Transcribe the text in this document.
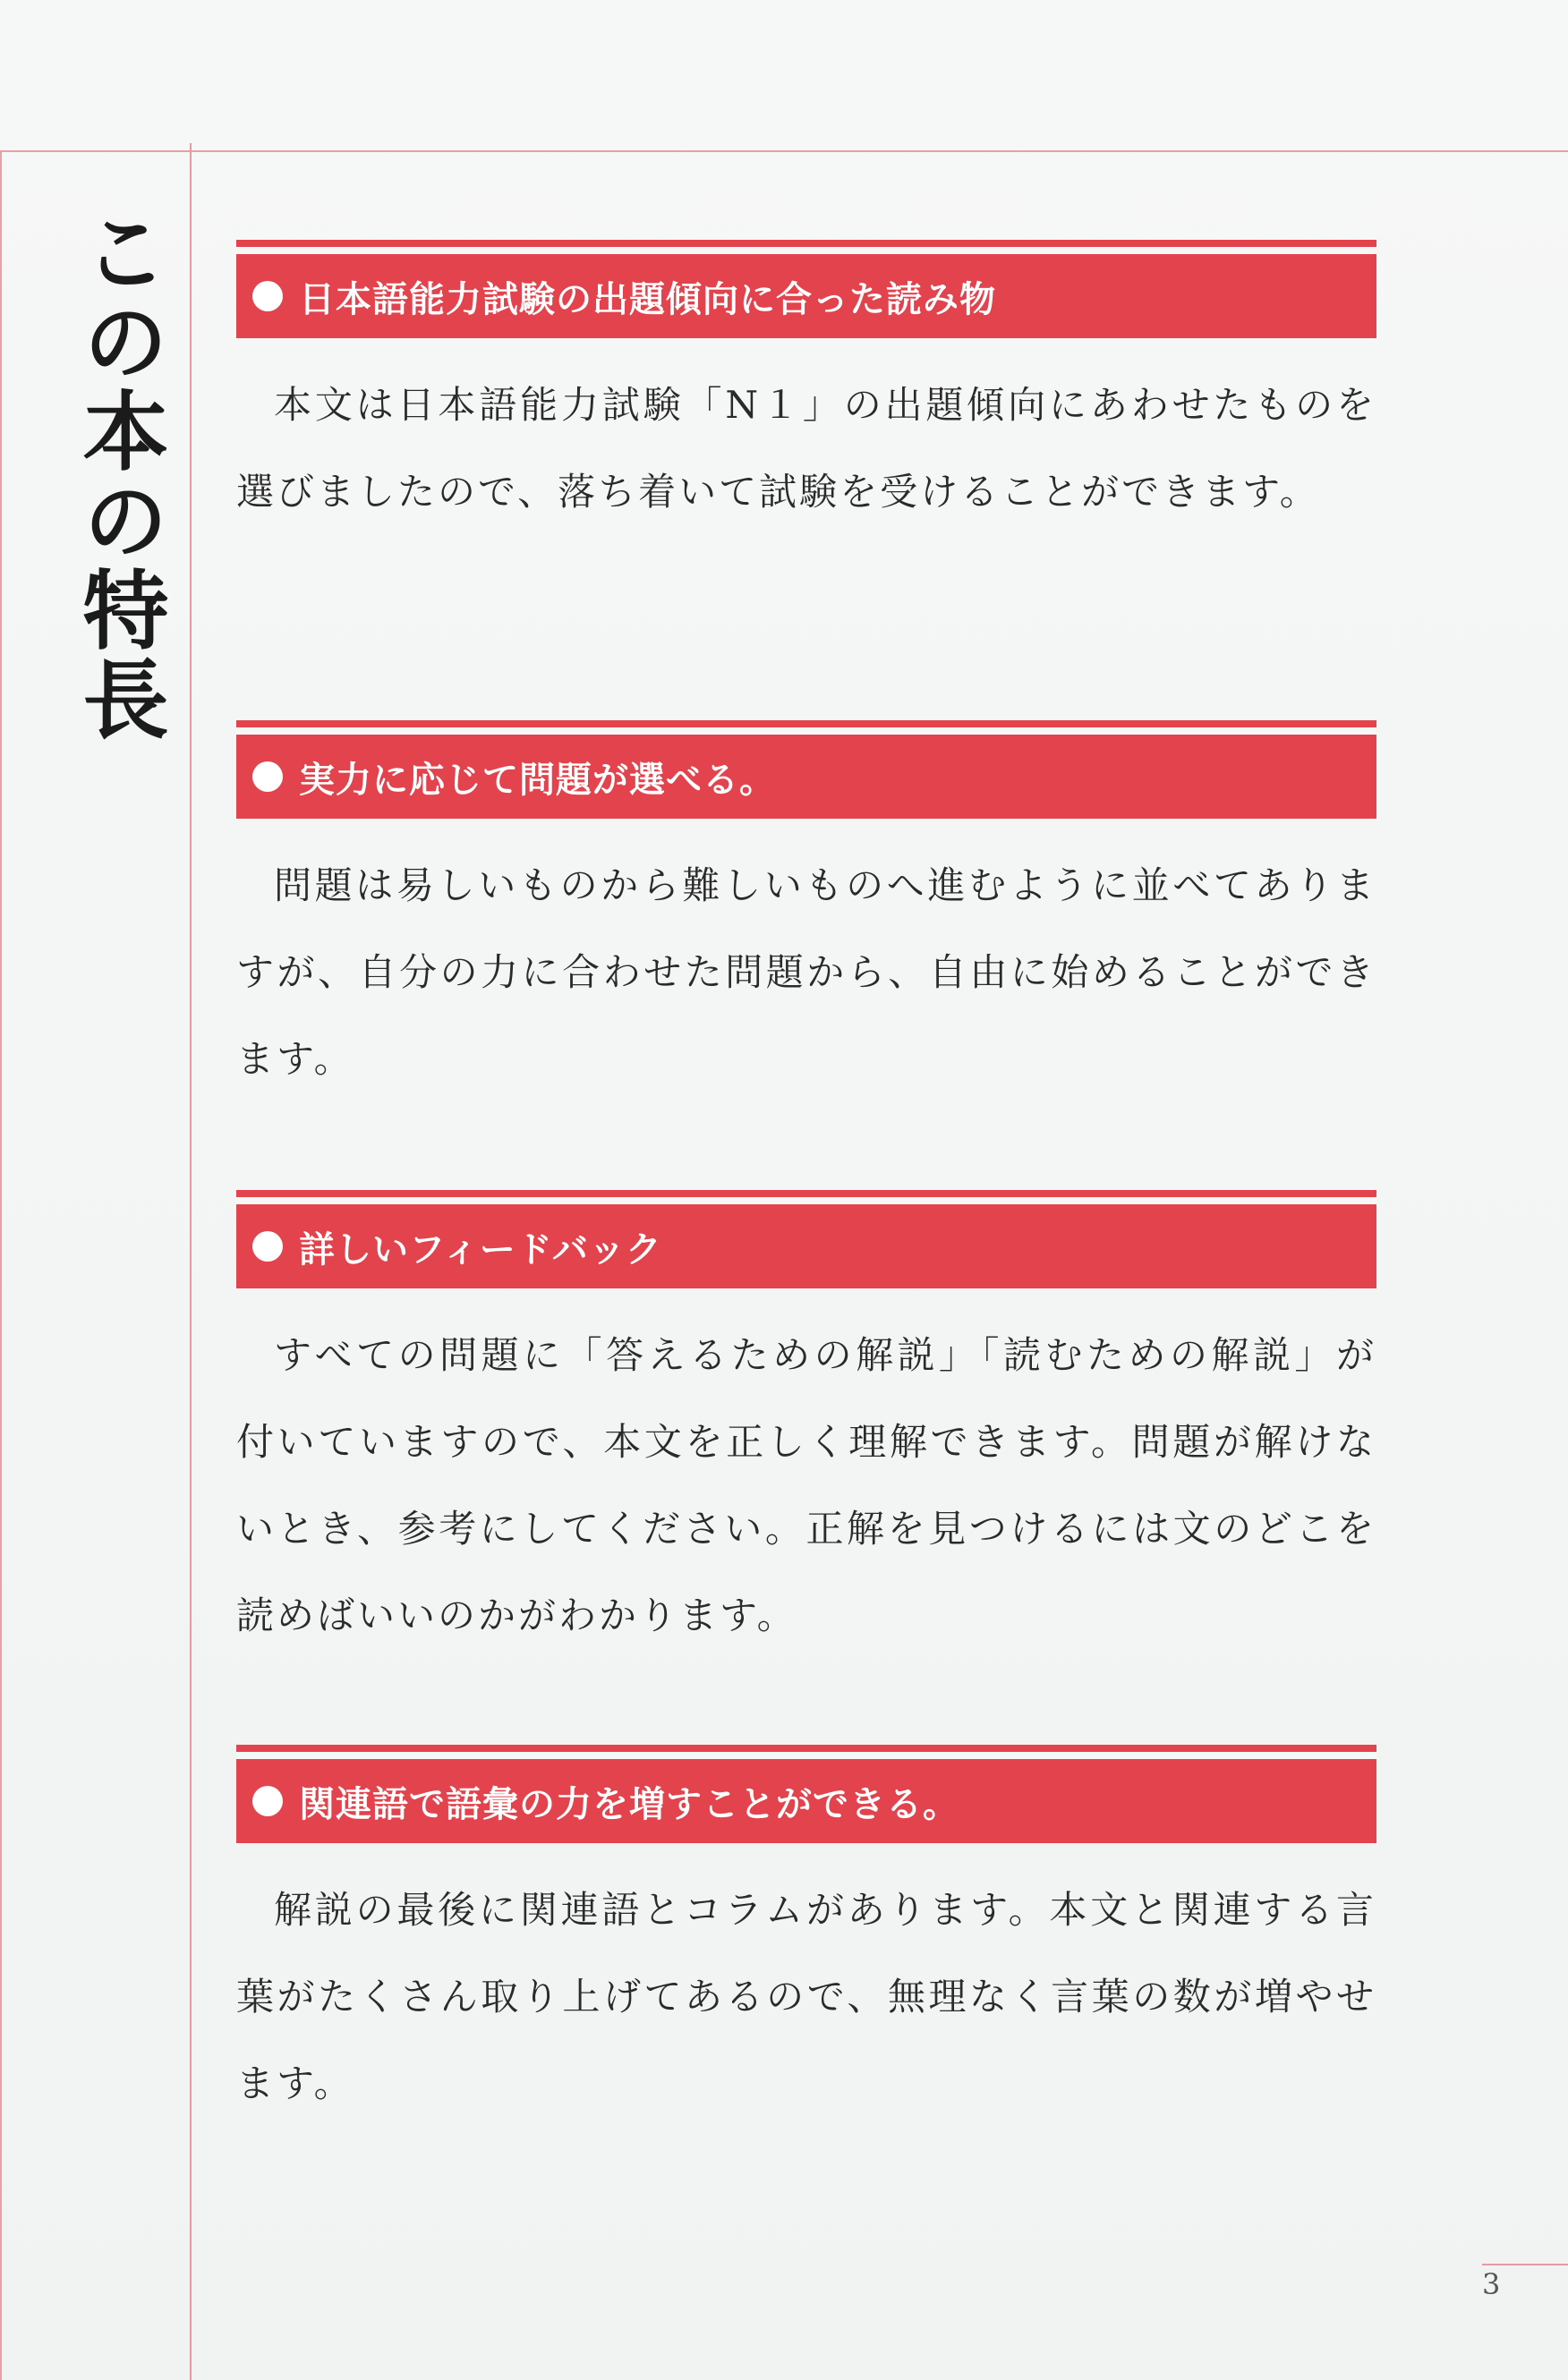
この本の特長	日本語能力試験の出題傾向に合った読み物
本文は日本語能力試験「N１」の出題傾向にあわせたものを選びましたので、落ち着いて試験を受けることができます。
実力に応じて問題が選べる。
問題は易しいものから難しいものへ進むように並べてありますが、自分の力に合わせた問題から、自由に始めることができます。
詳しいフィードバック
すべての問題に「答えるための解説」「読むための解説」が付いていますので、本文を正しく理解できます。問題が解けないとき、参考にしてください。正解を見つけるには文のどこを読めばいいのかがわかります。
関連語で語彙の力を増すことができる。
解説の最後に関連語とコラムがあります。本文と関連する言葉がたくさん取り上げてあるので、無理なく言葉の数が増やせます。
3
